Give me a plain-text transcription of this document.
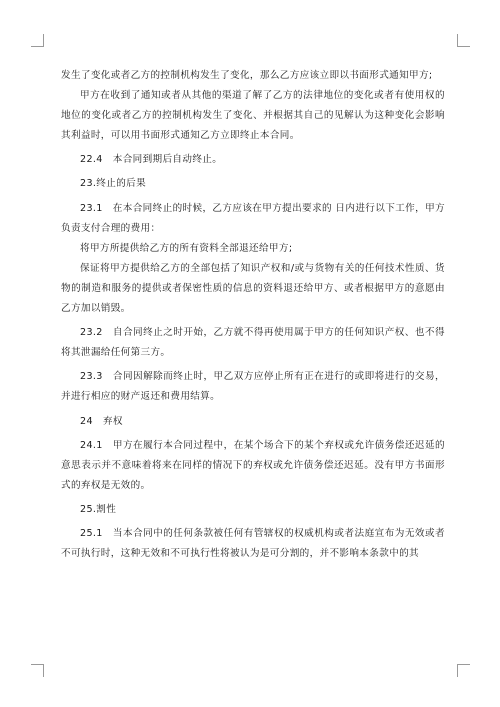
发生了变化或者乙方的控制机构发生了变化，那么乙方应该立即以书面形式通知甲方;

甲方在收到了通知或者从其他的渠道了解了乙方的法律地位的变化或者有使用权的地位的变化或者乙方的控制机构发生了变化、并根据其自己的见解认为这种变化会影响其利益时，可以用书面形式通知乙方立即终止本合同。

22.4 本合同到期后自动终止。

23.终止的后果

23.1 在本合同终止的时候，乙方应该在甲方提出要求的 日内进行以下工作，甲方负责支付合理的费用：

将甲方所提供给乙方的所有资料全部退还给甲方;

保证将甲方提供给乙方的全部包括了知识产权和/或与货物有关的任何技术性质、货物的制造和服务的提供或者保密性质的信息的资料退还给甲方、或者根据甲方的意愿由乙方加以销毁。

23.2 自合同终止之时开始，乙方就不得再使用属于甲方的任何知识产权、也不得将其泄漏给任何第三方。

23.3 合同因解除而终止时，甲乙双方应停止所有正在进行的或即将进行的交易，并进行相应的财产返还和费用结算。

24 弃权

24.1 甲方在履行本合同过程中，在某个场合下的某个弃权或允许债务偿还迟延的意思表示并不意味着将来在同样的情况下的弃权或允许债务偿还迟延。没有甲方书面形式的弃权是无效的。

25.割性

25.1 当本合同中的任何条款被任何有管辖权的权威机构或者法庭宣布为无效或者不可执行时，这种无效和不可执行性将被认为是可分割的，并不影响本条款中的其
